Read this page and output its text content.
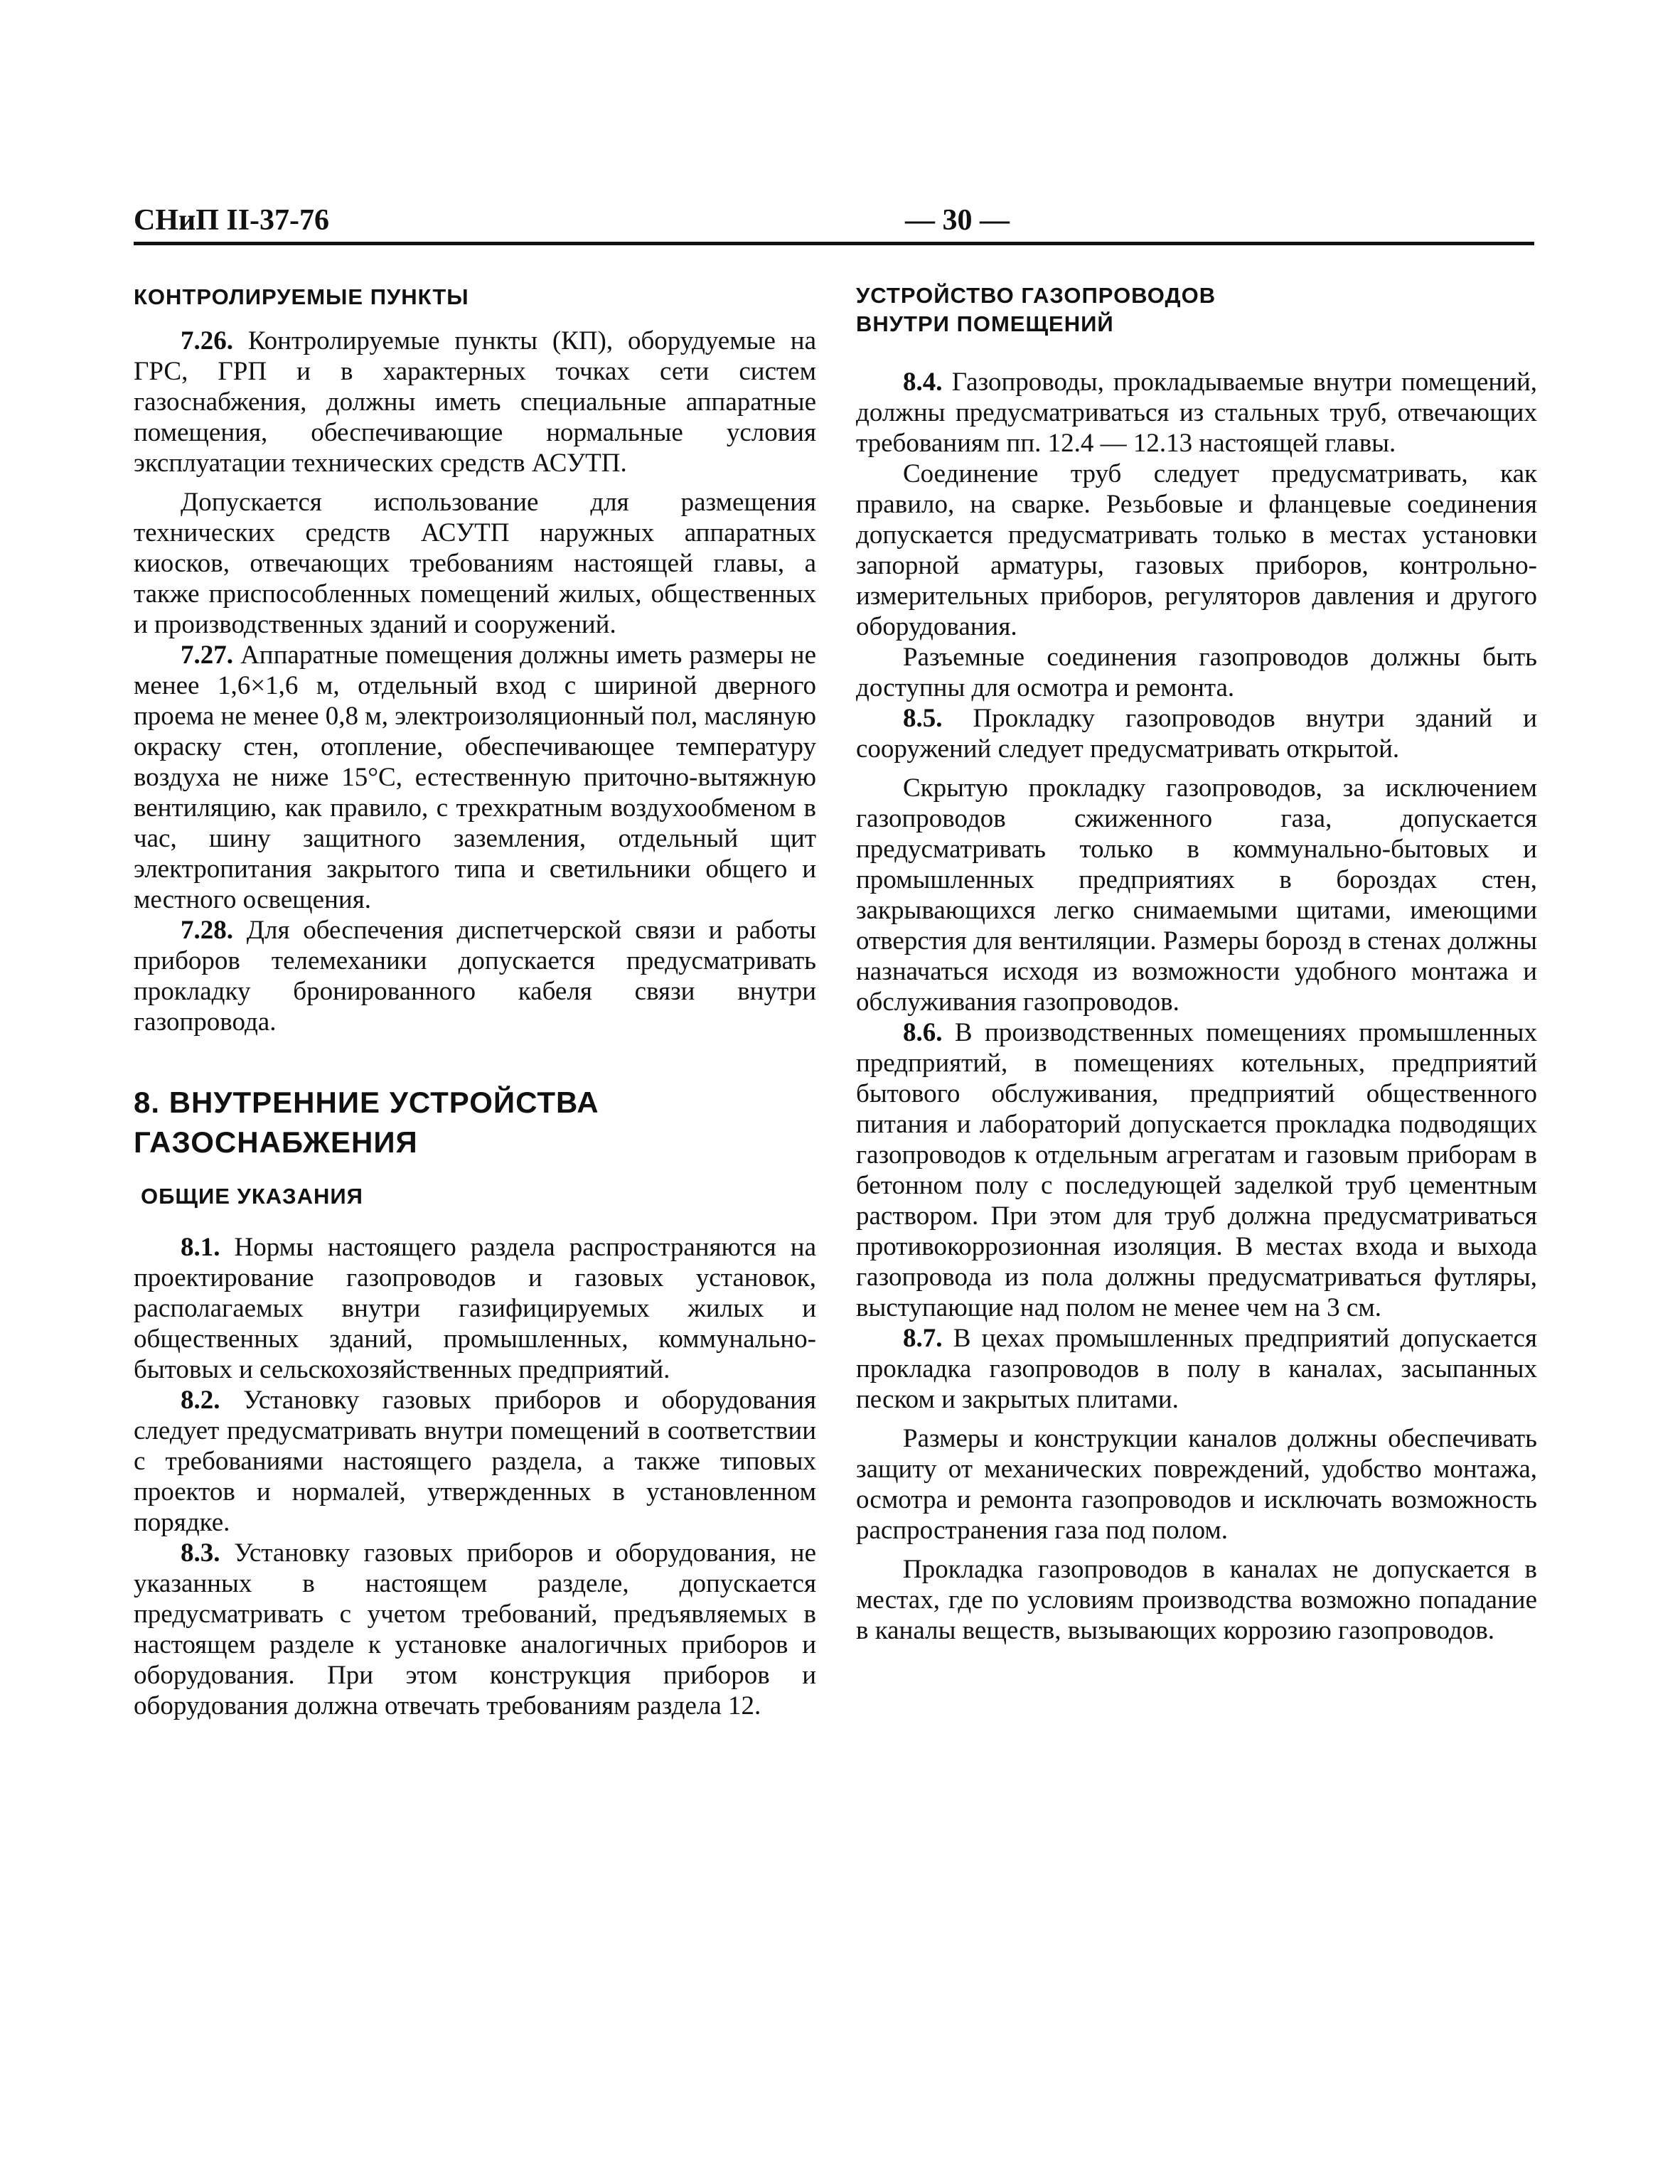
СНиП II-37-76	— 30 —

КОНТРОЛИРУЕМЫЕ ПУНКТЫ

7.26. Контролируемые пункты (КП), оборудуемые на ГРС, ГРП и в характерных точках сети систем газоснабжения, должны иметь специальные аппаратные помещения, обеспечивающие нормальные условия эксплуатации технических средств АСУТП.

Допускается использование для размещения технических средств АСУТП наружных аппаратных киосков, отвечающих требованиям настоящей главы, а также приспособленных помещений жилых, общественных и производственных зданий и сооружений.

7.27. Аппаратные помещения должны иметь размеры не менее 1,6×1,6 м, отдельный вход с шириной дверного проема не менее 0,8 м, электроизоляционный пол, масляную окраску стен, отопление, обеспечивающее температуру воздуха не ниже 15°С, естественную приточно-вытяжную вентиляцию, как правило, с трехкратным воздухообменом в час, шину защитного заземления, отдельный щит электропитания закрытого типа и светильники общего и местного освещения.

7.28. Для обеспечения диспетчерской связи и работы приборов телемеханики допускается предусматривать прокладку бронированного кабеля связи внутри газопровода.

8. ВНУТРЕННИЕ УСТРОЙСТВА

ГАЗОСНАБЖЕНИЯ

ОБЩИЕ УКАЗАНИЯ

8.1. Нормы настоящего раздела распространяются на проектирование газопроводов и газовых установок, располагаемых внутри газифицируемых жилых и общественных зданий, промышленных, коммунально-бытовых и сельскохозяйственных предприятий.

8.2. Установку газовых приборов и оборудования следует предусматривать внутри помещений в соответствии с требованиями настоящего раздела, а также типовых проектов и нормалей, утвержденных в установленном порядке.

8.3. Установку газовых приборов и оборудования, не указанных в настоящем разделе, допускается предусматривать с учетом требований, предъявляемых в настоящем разделе к установке аналогичных приборов и оборудования. При этом конструкция приборов и оборудования должна отвечать требованиям раздела 12.

УСТРОЙСТВО ГАЗОПРОВОДОВ

ВНУТРИ ПОМЕЩЕНИЙ

8.4. Газопроводы, прокладываемые внутри помещений, должны предусматриваться из стальных труб, отвечающих требованиям пп. 12.4 — 12.13 настоящей главы.

Соединение труб следует предусматривать, как правило, на сварке. Резьбовые и фланцевые соединения допускается предусматривать только в местах установки запорной арматуры, газовых приборов, контрольно-измерительных приборов, регуляторов давления и другого оборудования.

Разъемные соединения газопроводов должны быть доступны для осмотра и ремонта.

8.5. Прокладку газопроводов внутри зданий и сооружений следует предусматривать открытой.

Скрытую прокладку газопроводов, за исключением газопроводов сжиженного газа, допускается предусматривать только в коммунально-бытовых и промышленных предприятиях в бороздах стен, закрывающихся легко снимаемыми щитами, имеющими отверстия для вентиляции. Размеры борозд в стенах должны назначаться исходя из возможности удобного монтажа и обслуживания газопроводов.

8.6. В производственных помещениях промышленных предприятий, в помещениях котельных, предприятий бытового обслуживания, предприятий общественного питания и лабораторий допускается прокладка подводящих газопроводов к отдельным агрегатам и газовым приборам в бетонном полу с последующей заделкой труб цементным раствором. При этом для труб должна предусматриваться противокоррозионная изоляция. В местах входа и выхода газопровода из пола должны предусматриваться футляры, выступающие над полом не менее чем на 3 см.

8.7. В цехах промышленных предприятий допускается прокладка газопроводов в полу в каналах, засыпанных песком и закрытых плитами.

Размеры и конструкции каналов должны обеспечивать защиту от механических повреждений, удобство монтажа, осмотра и ремонта газопроводов и исключать возможность распространения газа под полом.

Прокладка газопроводов в каналах не допускается в местах, где по условиям производства возможно попадание в каналы веществ, вызывающих коррозию газопроводов.
